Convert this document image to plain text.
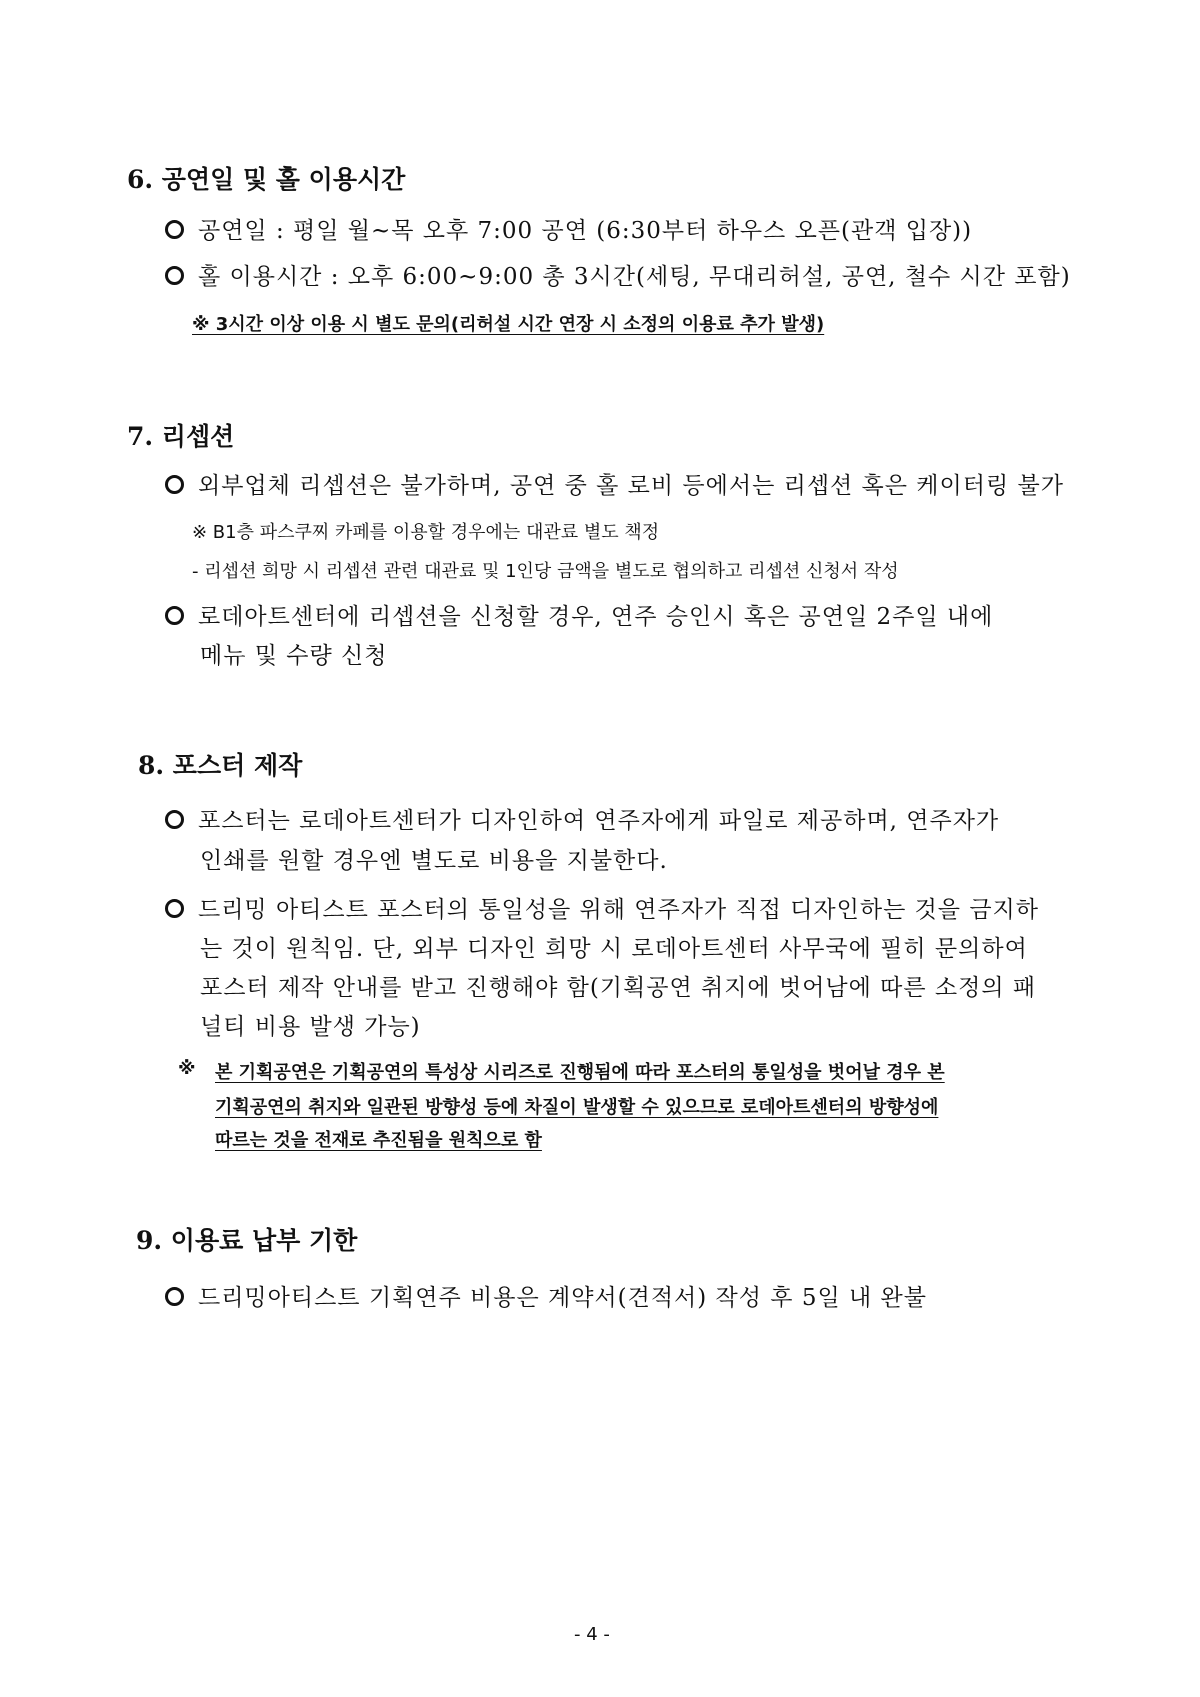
6. 공연일 및 홀 이용시간
공연일 : 평일 월~목 오후 7:00 공연 (6:30부터 하우스 오픈(관객 입장))
홀 이용시간 : 오후 6:00~9:00 총 3시간(세팅, 무대리허설, 공연, 철수 시간 포함)
※ 3시간 이상 이용 시 별도 문의(리허설 시간 연장 시 소정의 이용료 추가 발생)
7. 리셉션
외부업체 리셉션은 불가하며, 공연 중 홀 로비 등에서는 리셉션 혹은 케이터링 불가
※ B1층 파스쿠찌 카페를 이용할 경우에는 대관료 별도 책정
- 리셉션 희망 시 리셉션 관련 대관료 및 1인당 금액을 별도로 협의하고 리셉션 신청서 작성
로데아트센터에 리셉션을 신청할 경우, 연주 승인시 혹은 공연일 2주일 내에
메뉴 및 수량 신청
8. 포스터 제작
포스터는 로데아트센터가 디자인하여 연주자에게 파일로 제공하며, 연주자가
인쇄를 원할 경우엔 별도로 비용을 지불한다.
드리밍 아티스트 포스터의 통일성을 위해 연주자가 직접 디자인하는 것을 금지하
는 것이 원칙임. 단, 외부 디자인 희망 시 로데아트센터 사무국에 필히 문의하여
포스터 제작 안내를 받고 진행해야 함(기획공연 취지에 벗어남에 따른 소정의 패
널티 비용 발생 가능)
※ 본 기획공연은 기획공연의 특성상 시리즈로 진행됨에 따라 포스터의 통일성을 벗어날 경우 본
기획공연의 취지와 일관된 방향성 등에 차질이 발생할 수 있으므로 로데아트센터의 방향성에
따르는 것을 전재로 추진됨을 원칙으로 함
9. 이용료 납부 기한
드리밍아티스트 기획연주 비용은 계약서(견적서) 작성 후 5일 내 완불
- 4 -
